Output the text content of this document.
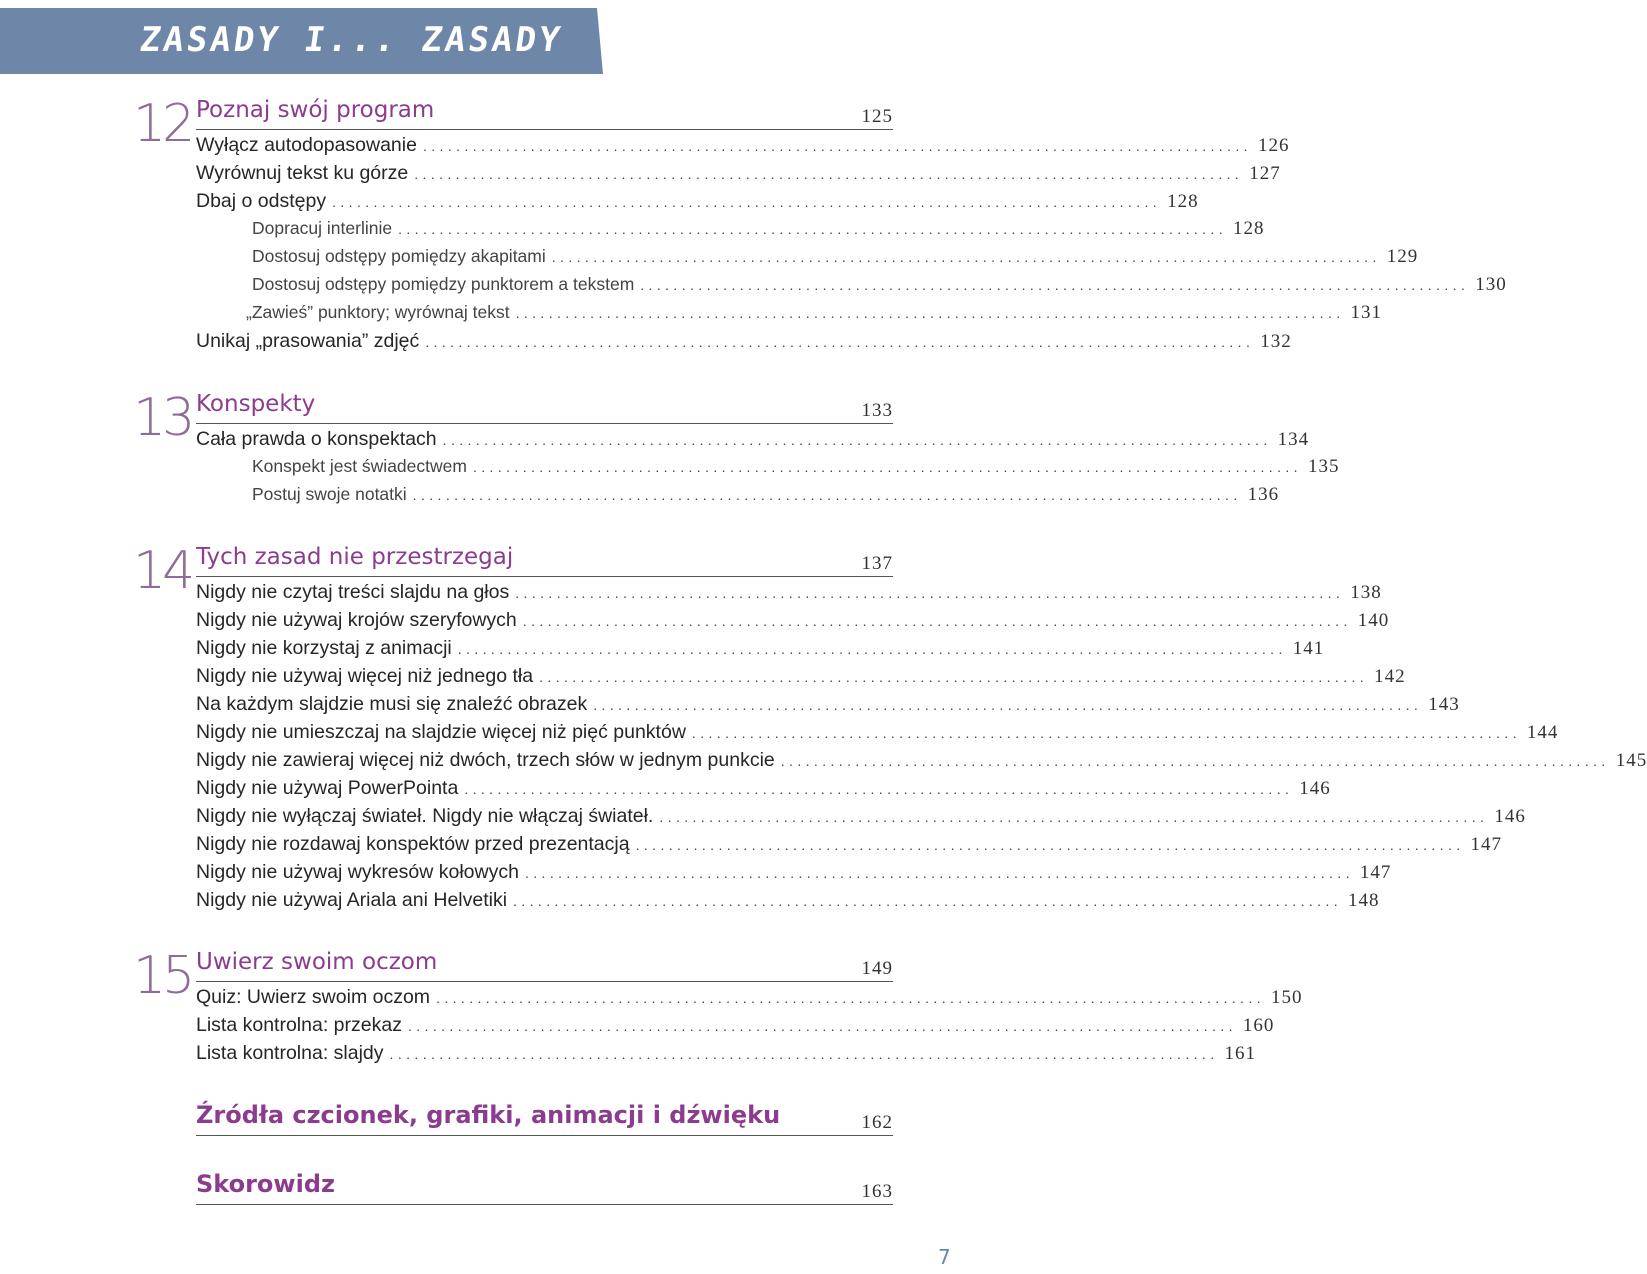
ZASADY I... ZASADY
12 Poznaj swój program	125
Wyłącz autodopasowanie .................................................................................................... 126
Wyrównuj tekst ku górze .................................................................................................... 127
Dbaj o odstępy .................................................................................................... 128
Dopracuj interlinie .................................................................................................... 128
Dostosuj odstępy pomiędzy akapitami .................................................................................................... 129
Dostosuj odstępy pomiędzy punktorem a tekstem .................................................................................................... 130
„Zawieś” punktory; wyrównaj tekst .................................................................................................... 131
Unikaj „prasowania” zdjęć .................................................................................................... 132
13 Konspekty	133
Cała prawda o konspektach .................................................................................................... 134
Konspekt jest świadectwem .................................................................................................... 135
Postuj swoje notatki .................................................................................................... 136
14 Tych zasad nie przestrzegaj	137
Nigdy nie czytaj treści slajdu na głos .................................................................................................... 138
Nigdy nie używaj krojów szeryfowych .................................................................................................... 140
Nigdy nie korzystaj z animacji .................................................................................................... 141
Nigdy nie używaj więcej niż jednego tła .................................................................................................... 142
Na każdym slajdzie musi się znaleźć obrazek .................................................................................................... 143
Nigdy nie umieszczaj na slajdzie więcej niż pięć punktów .................................................................................................... 144
Nigdy nie zawieraj więcej niż dwóch, trzech słów w jednym punkcie .................................................................................................... 145
Nigdy nie używaj PowerPointa .................................................................................................... 146
Nigdy nie wyłączaj świateł. Nigdy nie włączaj świateł. .................................................................................................... 146
Nigdy nie rozdawaj konspektów przed prezentacją .................................................................................................... 147
Nigdy nie używaj wykresów kołowych .................................................................................................... 147
Nigdy nie używaj Ariala ani Helvetiki .................................................................................................... 148
15 Uwierz swoim oczom	149
Quiz: Uwierz swoim oczom .................................................................................................... 150
Lista kontrolna: przekaz .................................................................................................... 160
Lista kontrolna: slajdy .................................................................................................... 161
Źródła czcionek, grafiki, animacji i dźwięku	162
Skorowidz	163
7
